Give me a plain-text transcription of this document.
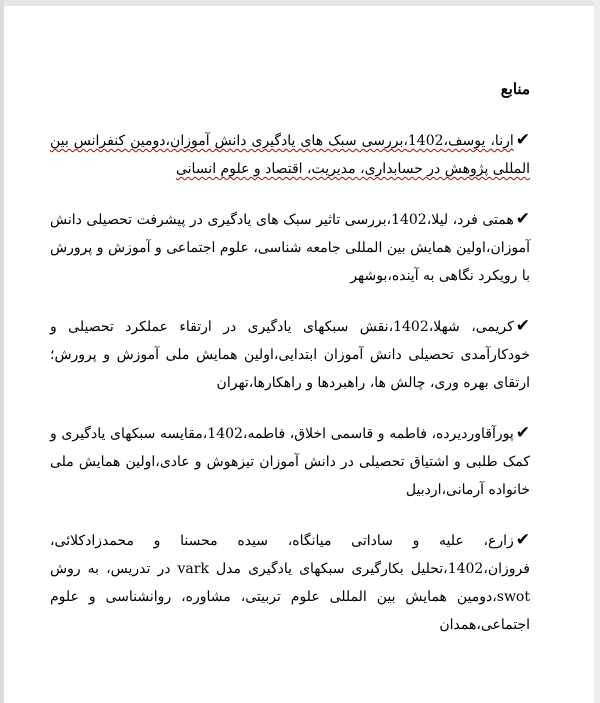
منابع
✔ارنا، یوسف،1402،بررسی سبک های یادگیری دانش آموزان،دومین کنفرانس بین المللی پژوهش در حسابداری، مدیریت، اقتصاد و علوم انسانی
✔همتی فرد، لیلا،1402،بررسی تاثیر سبک های یادگیری در پیشرفت تحصیلی دانش آموزان،اولین همایش بین المللی جامعه شناسی، علوم اجتماعی و آموزش و پرورش با رویکرد نگاهی به آینده،بوشهر
✔کریمی، شهلا،1402،نقش سبکهای یادگیری در ارتقاء عملکرد تحصیلی و خودکارآمدی تحصیلی دانش آموزان ابتدایی،اولین همایش ملی آموزش و پرورش؛ ارتقای بهره وری، چالش ها، راهبردها و راهکارها،تهران
✔پورآقاوردیرده، فاطمه و قاسمی اخلاق، فاطمه،1402،مقایسه سبکهای یادگیری و کمک طلبی و اشتیاق تحصیلی در دانش آموزان تیزهوش و عادی،اولین همایش ملی خانواده آرمانی،اردبیل
✔زارع، علیه و ساداتی میانگاه، سیده محسنا و محمدزادکلائی، فروزان،1402،تحلیل بکارگیری سبکهای یادگیری مدل vark در تدریس، به روش swot،دومین همایش بین المللی علوم تربیتی، مشاوره، روانشناسی و علوم اجتماعی،همدان
